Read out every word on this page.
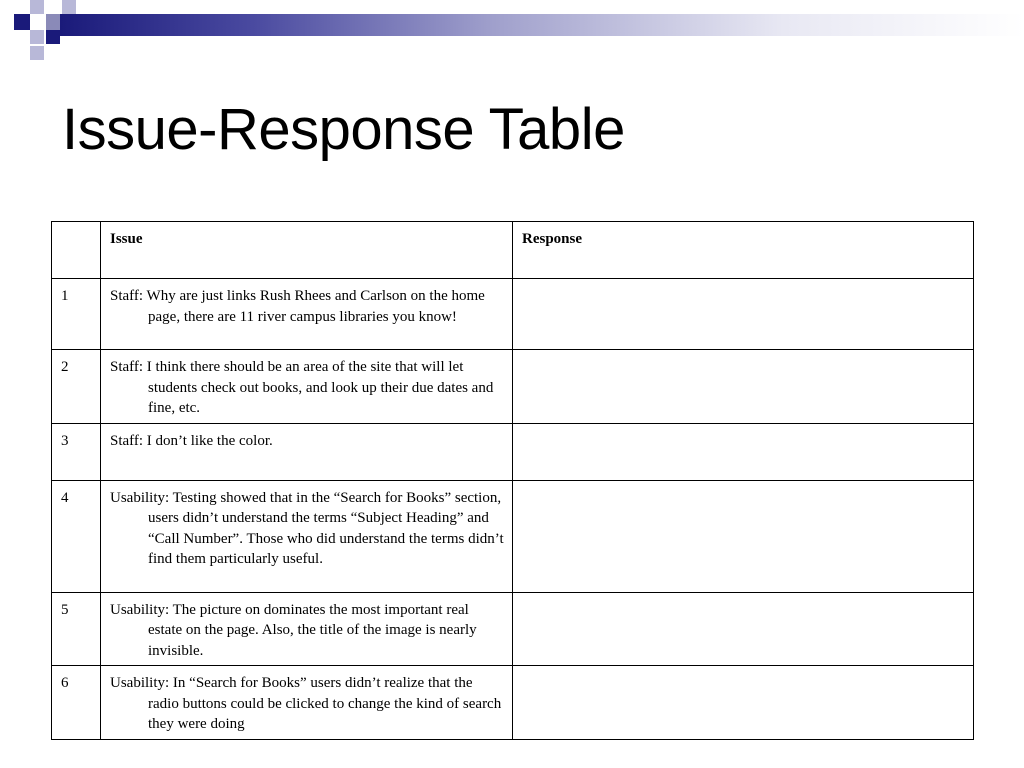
Issue-Response Table
	Issue	Response
1	Staff: Why are just links Rush Rhees and Carlson on the home page, there are 11 river campus libraries you know!	

2	Staff: I think there should be an area of the site that will let students check out books, and look up their due dates and fine, etc.	

3	Staff: I don’t like the color.	

4	Usability: Testing showed that in the “Search for Books” section, users didn’t understand the terms “Subject Heading” and “Call Number”. Those who did understand the terms didn’t find them particularly useful.	

5	Usability: The picture on dominates the most important real estate on the page. Also, the title of the image is nearly invisible.	

6	Usability: In “Search for Books” users didn’t realize that the radio buttons could be clicked to change the kind of search they were doing	
